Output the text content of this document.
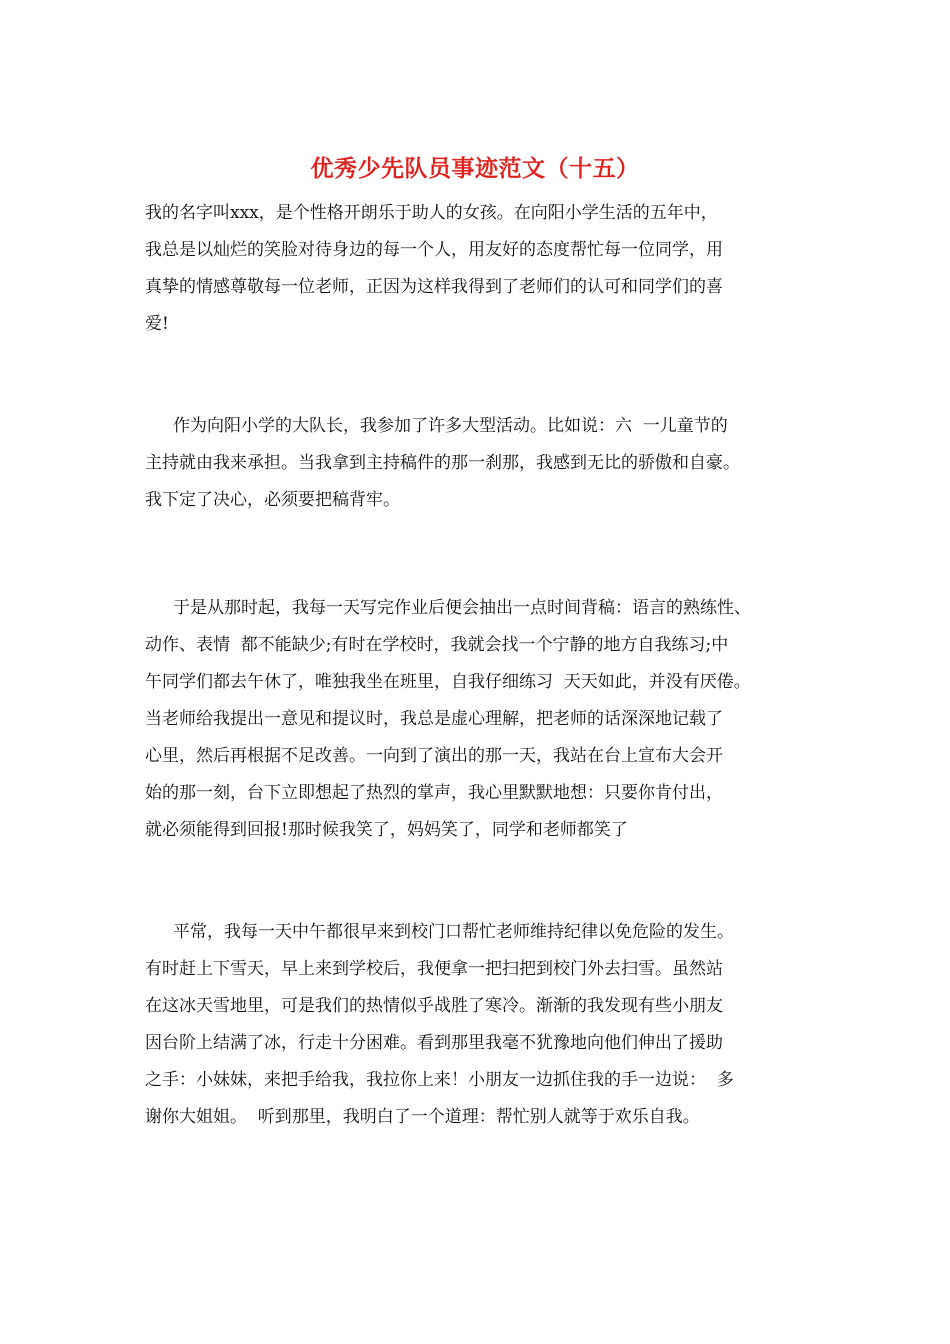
优秀少先队员事迹范文（十五）
我的名字叫xxx，是个性格开朗乐于助人的女孩。在向阳小学生活的五年中，
我总是以灿烂的笑脸对待身边的每一个人，用友好的态度帮忙每一位同学，用
真挚的情感尊敬每一位老师，正因为这样我得到了老师们的认可和同学们的喜
爱!
作为向阳小学的大队长，我参加了许多大型活动。比如说：六  一儿童节的
主持就由我来承担。当我拿到主持稿件的那一刹那，我感到无比的骄傲和自豪。
我下定了决心，必须要把稿背牢。
于是从那时起，我每一天写完作业后便会抽出一点时间背稿：语言的熟练性、
动作、表情  都不能缺少;有时在学校时，我就会找一个宁静的地方自我练习;中
午同学们都去午休了，唯独我坐在班里，自我仔细练习  天天如此，并没有厌倦。
当老师给我提出一意见和提议时，我总是虚心理解，把老师的话深深地记载了
心里，然后再根据不足改善。一向到了演出的那一天，我站在台上宣布大会开
始的那一刻，台下立即想起了热烈的掌声，我心里默默地想：只要你肯付出，
就必须能得到回报!那时候我笑了，妈妈笑了，同学和老师都笑了
平常，我每一天中午都很早来到校门口帮忙老师维持纪律以免危险的发生。
有时赶上下雪天，早上来到学校后，我便拿一把扫把到校门外去扫雪。虽然站
在这冰天雪地里，可是我们的热情似乎战胜了寒冷。渐渐的我发现有些小朋友
因台阶上结满了冰，行走十分困难。看到那里我毫不犹豫地向他们伸出了援助
之手：小妹妹，来把手给我，我拉你上来！小朋友一边抓住我的手一边说：  多
谢你大姐姐。  听到那里，我明白了一个道理：帮忙别人就等于欢乐自我。
